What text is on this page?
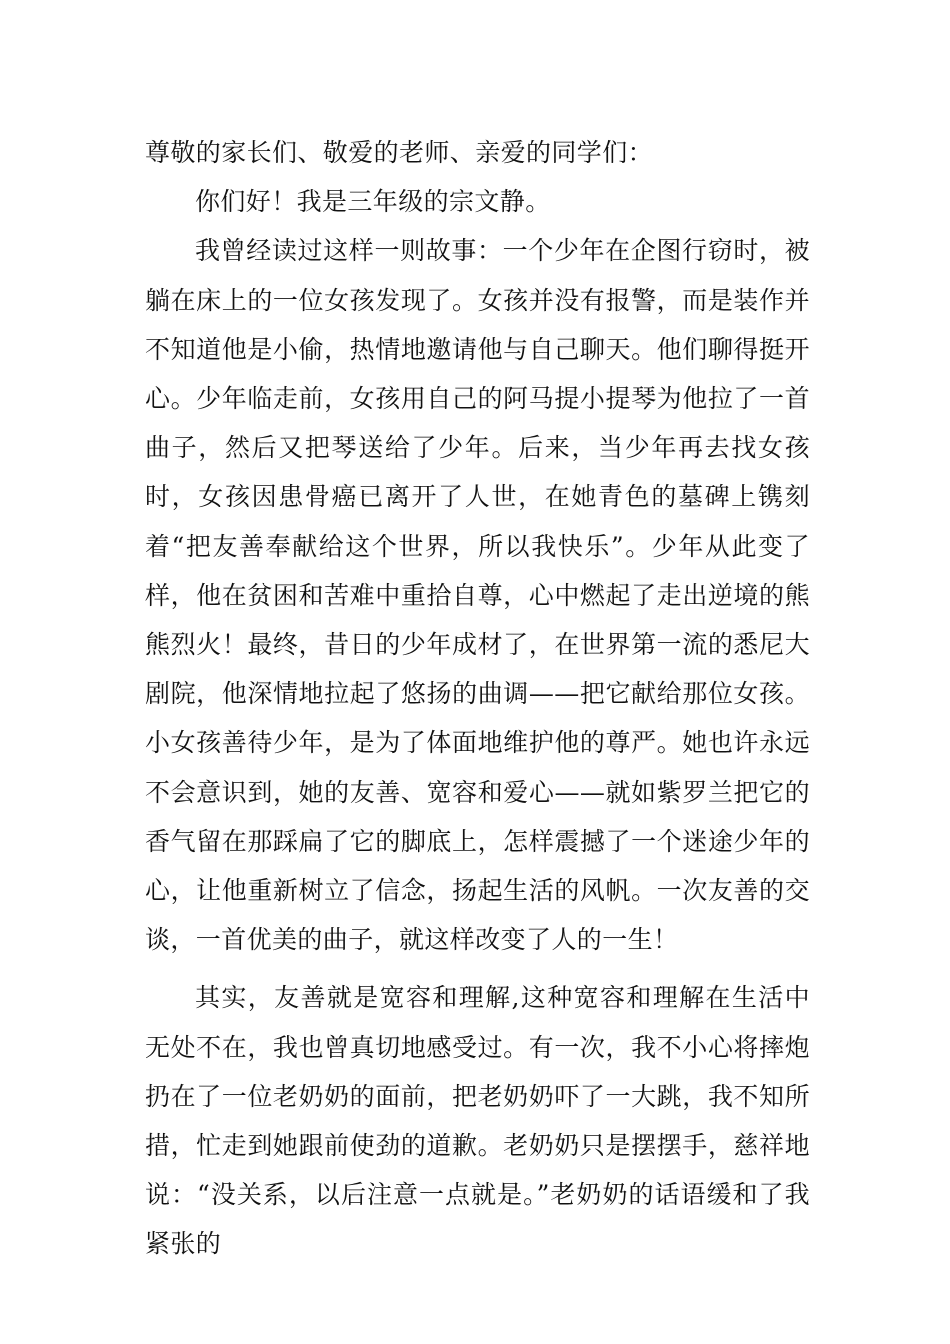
尊敬的家长们、敬爱的老师、亲爱的同学们：

你们好！我是三年级的宗文静。

我曾经读过这样一则故事：一个少年在企图行窃时，被躺在床上的一位女孩发现了。女孩并没有报警，而是装作并不知道他是小偷，热情地邀请他与自己聊天。他们聊得挺开心。少年临走前，女孩用自己的阿马提小提琴为他拉了一首曲子，然后又把琴送给了少年。后来，当少年再去找女孩时，女孩因患骨癌已离开了人世，在她青色的墓碑上镌刻着“把友善奉献给这个世界，所以我快乐”。少年从此变了样，他在贫困和苦难中重拾自尊，心中燃起了走出逆境的熊熊烈火！最终，昔日的少年成材了，在世界第一流的悉尼大剧院，他深情地拉起了悠扬的曲调——把它献给那位女孩。小女孩善待少年，是为了体面地维护他的尊严。她也许永远不会意识到，她的友善、宽容和爱心——就如紫罗兰把它的香气留在那踩扁了它的脚底上，怎样震撼了一个迷途少年的心，让他重新树立了信念，扬起生活的风帆。一次友善的交谈，一首优美的曲子，就这样改变了人的一生！

其实，友善就是宽容和理解,这种宽容和理解在生活中无处不在，我也曾真切地感受过。有一次，我不小心将摔炮扔在了一位老奶奶的面前，把老奶奶吓了一大跳，我不知所措，忙走到她跟前使劲的道歉。老奶奶只是摆摆手，慈祥地说：“没关系，以后注意一点就是。”老奶奶的话语缓和了我紧张的
